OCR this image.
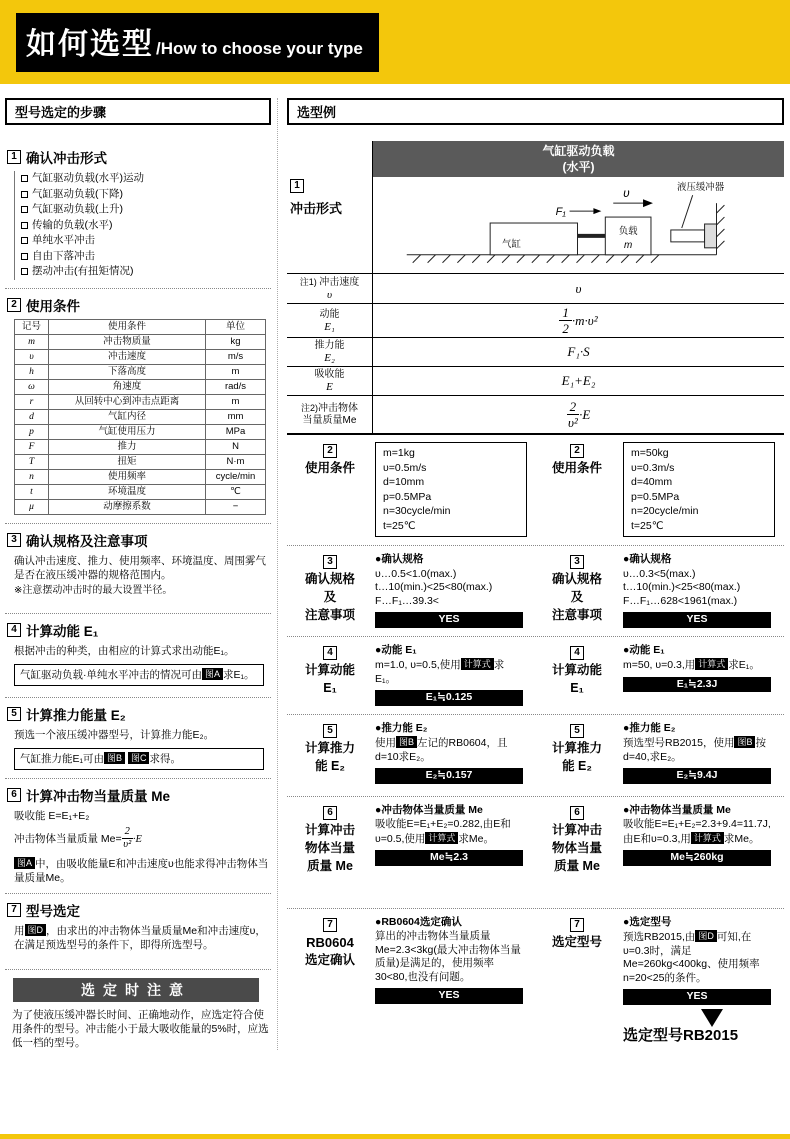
如何选型 /How to choose your type
型号选定的步骤
1 确认冲击形式
气缸驱动负载(水平)运动
气缸驱动负载(下降)
气缸驱动负载(上升)
传输的负载(水平)
单纯水平冲击
自由下落冲击
摆动冲击(有扭矩情况)
2 使用条件
记号	使用条件	单位
m	冲击物质量	kg
υ	冲击速度	m/s
h	下落高度	m
ω	角速度	rad/s
r	从回转中心到冲击点距离	m
d	气缸内径	mm
p	气缸使用压力	MPa
F	推力	N
T	扭矩	N·m
n	使用频率	cycle/min
t	环境温度	℃
μ	动摩擦系数	−
3 确认规格及注意事项
确认冲击速度、推力、使用频率、环境温度、周围雾气是否在液压缓冲器的规格范围内。
※注意摆动冲击时的最大设置半径。
4 计算动能 E₁
根据冲击的种类，由相应的计算式求出动能E₁。
气缸驱动负载·单纯水平冲击的情况可由 图A 求E₁。
5 计算推力能量 E₂
预选一个液压缓冲器型号，计算推力能E₂。
气缸推力能E₁可由 图B 图C 求得。
6 计算冲击物当量质量 Me
吸收能 E=E₁+E₂
冲击物体当量质量 $Me= \frac{2}{\text{υ²}} \cdot E$
图A 中，由吸收能量E和冲击速度υ也能求得冲击物体当量质量Me。
7 型号选定
用 图D ，由求出的冲击物体当量质量Me和冲击速度υ，在满足预选型号的条件下，即得所选型号。
选定时注意
为了使液压缓冲器长时间、正确地动作，应选定符合使用条件的型号。冲击能小于最大吸收能量的5%时，应选低一档的型号。
选型例
1
冲击形式
气缸驱动负载
(水平)
F₁
υ
负载
m
气缸
液压缓冲器
注1) 冲击速度
υ	υ
动能
E₁	$\frac{1}{2} \cdot m\cdot\upsilon^2$
推力能
E₂	F₁·S
吸收能
E	E₁+E₂
注2)冲击物体
当量质量Me	$\frac{2}{\text{υ²}} \cdot E$
2
使用条件
m=1kg
υ=0.5m/s
d=10mm
p=0.5MPa
n=30cycle/min
t=25℃
2
使用条件
m=50kg
υ=0.3m/s
d=40mm
p=0.5MPa
n=20cycle/min
t=25℃
3
确认规格
及
注意事项
●确认规格
υ…0.5<1.0(max.)
t…10(min.)<25<80(max.)
F…F₁…39.3<
YES
3
确认规格
及
注意事项
●确认规格
υ…0.3<5(max.)
t…10(min.)<25<80(max.)
F…F₁…628<1961(max.)
YES
4
计算动能
E₁
●动能 E₁
m=1.0, υ=0.5,使用 计算式 求E₁。
E₁≒0.125
4
计算动能
E₁
●动能 E₁
m=50, υ=0.3,用 计算式 求E₁。
E₁≒2.3J
5
计算推力
能 E₂
●推力能 E₂
使用 图B 左记的RB0604，且d=10求E₂。
E₂≒0.157
5
计算推力
能 E₂
●推力能 E₂
预选型号RB2015，使用 图B 按d=40,求E₂。
E₂≒9.4J
6
计算冲击
物体当量
质量 Me
●冲击物体当量质量 Me
吸收能E=E₁+E₂=0.282,由E和υ=0.5,使用 计算式 求Me。
Me≒2.3
6
计算冲击
物体当量
质量 Me
●冲击物体当量质量 Me
吸收能E=E₁+E₂=2.3+9.4=11.7J,由E和υ=0.3,用 计算式 求Me。
Me≒260kg
7
RB0604
选定确认
●RB0604选定确认
算出的冲击物体当量质量Me=2.3<3kg(最大冲击物体当量质量)是满足的，使用频率30<80,也没有问题。
YES
7
选定型号
●选定型号
预选RB2015,由 图D 可知,在υ=0.3时，满足Me=260kg<400kg、使用频率n=20<25的条件。
YES
选定型号RB2015
